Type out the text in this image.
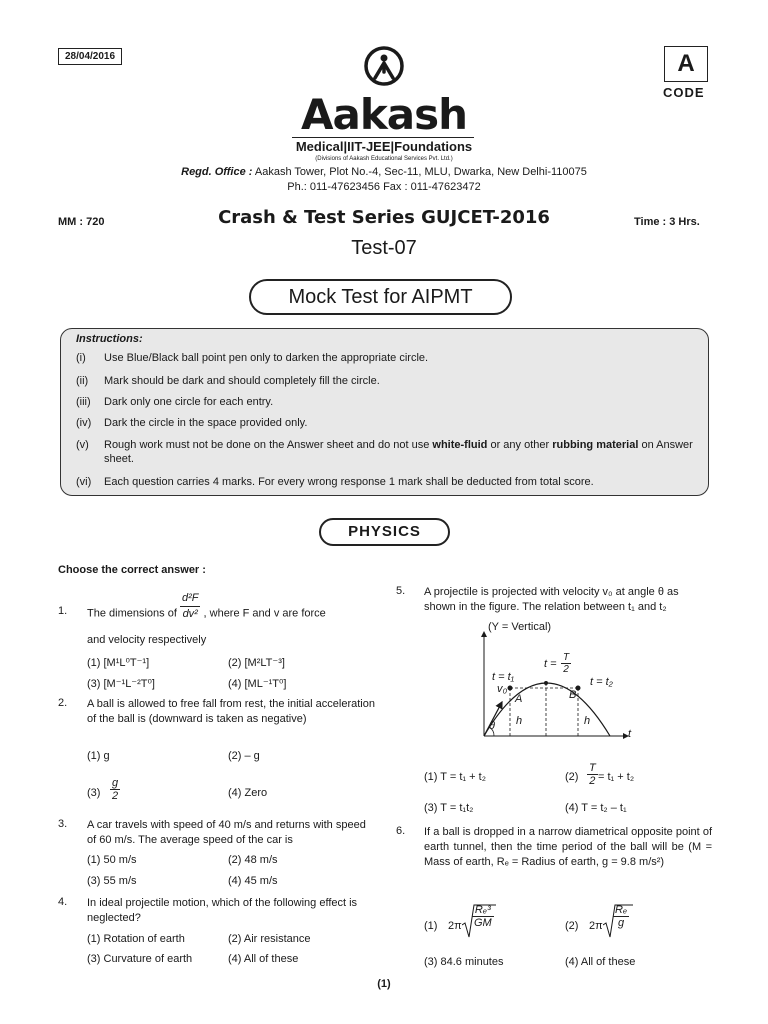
28/04/2016	A
CODE
Aakash
Medical|IIT-JEE|Foundations
(Divisions of Aakash Educational Services Pvt. Ltd.)
Regd. Office : Aakash Tower, Plot No.-4, Sec-11, MLU, Dwarka, New Delhi-110075
Ph.: 011-47623456 Fax : 011-47623472
MM : 720	Crash & Test Series GUJCET-2016	Time : 3 Hrs.
Test-07
Mock Test for AIPMT
Instructions:
(i) Use Blue/Black ball point pen only to darken the appropriate circle.
(ii) Mark should be dark and should completely fill the circle.
(iii) Dark only one circle for each entry.
(iv) Dark the circle in the space provided only.
(v) Rough work must not be done on the Answer sheet and do not use white-fluid or any other rubbing material on Answer sheet.
(vi) Each question carries 4 marks. For every wrong response 1 mark shall be deducted from total score.
PHYSICS
Choose the correct answer :
1. The dimensions of $\frac{\text{d²F}}{\text{dv²}}$ , where F and v are force
and velocity respectively
(1) [M¹L⁰T⁻¹]	(2) [M²LT⁻³]
(3) [M⁻¹L⁻²T⁰]	(4) [ML⁻¹T⁰]
2. A ball is allowed to free fall from rest, the initial acceleration of the ball is (downward is taken as negative)
(1) g	(2) – g
$(3) \frac{g}{2}$	(4) Zero
3. A car travels with speed of 40 m/s and returns with speed of 60 m/s. The average speed of the car is
(1) 50 m/s	(2) 48 m/s
(3) 55 m/s	(4) 45 m/s
4. In ideal projectile motion, which of the following effect is neglected?
(1) Rotation of earth	(2) Air resistance
(3) Curvature of earth	(4) All of these
5. A projectile is projected with velocity v₀ at angle θ as shown in the figure. The relation between t₁ and t₂
(Y = Vertical)
t
t = t₁
$t = \frac{T}{2}$
t = t₂
v₀
A	B
h	h
θ
(1) T = t₁ + t₂	$(2) \frac{T}{2} = t_1 + t_2$
(3) T = t₁t₂	(4) T = t₂ – t₁
6. If a ball is dropped in a narrow diametrical opposite point of earth tunnel, then the time period of the ball will be (M = Mass of earth, Rₑ = Radius of earth, g = 9.8 m/s²)
(1) $2\pi \frac{\text{Rₑ³}}{GM}$	(2) $2\pi \frac{\text{Rₑ}}{g}$
(3) 84.6 minutes	(4) All of these
(1)
